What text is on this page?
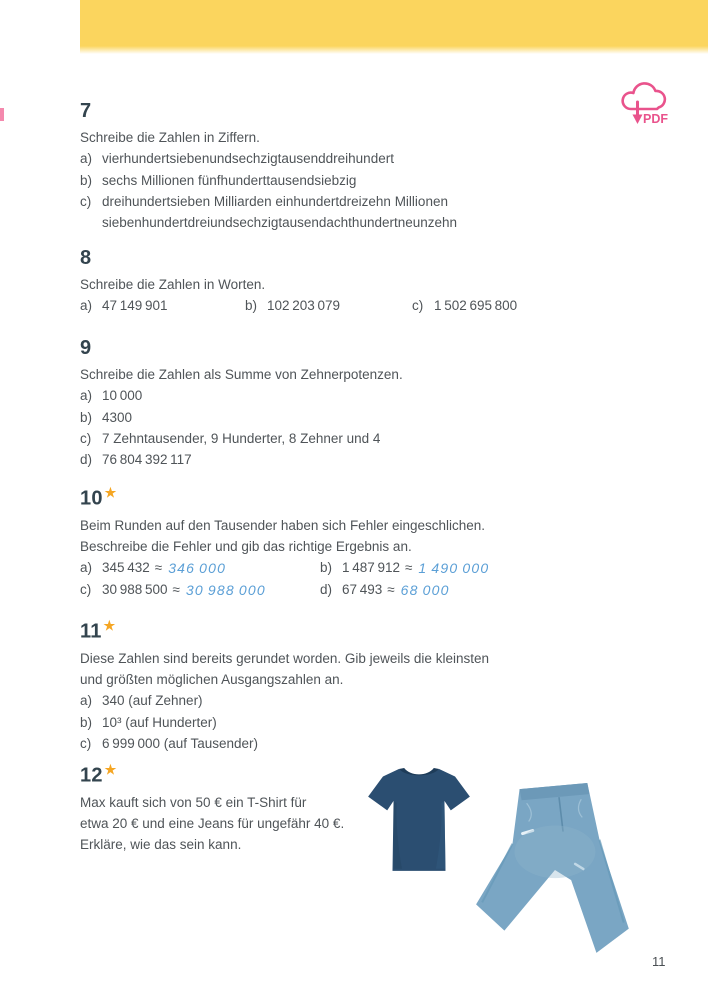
PDF
7
Schreibe die Zahlen in Ziffern.
a) vierhundertsiebenundsechzigtausenddreihundert
b) sechs Millionen fünfhunderttausendsiebzig
c) dreihundertsieben Milliarden einhundertdreizehn Millionen
siebenhundertdreiundsechzigtausendachthundertneunzehn
8
Schreibe die Zahlen in Worten.
a) 47 149 901	b) 102 203 079	c) 1 502 695 800
9
Schreibe die Zahlen als Summe von Zehnerpotenzen.
a) 10 000
b) 4300
c) 7 Zehntausender, 9 Hunderter, 8 Zehner und 4
d) 76 804 392 117
10 ★
Beim Runden auf den Tausender haben sich Fehler eingeschlichen.
Beschreibe die Fehler und gib das richtige Ergebnis an.
a) 345 432 ≈ 346 000	b) 1 487 912 ≈ 1 490 000
c) 30 988 500 ≈ 30 988 000	d) 67 493 ≈ 68 000
11 ★
Diese Zahlen sind bereits gerundet worden. Gib jeweils die kleinsten
und größten möglichen Ausgangszahlen an.
a) 340 (auf Zehner)
b) 10³ (auf Hunderter)
c) 6 999 000 (auf Tausender)
12 ★
Max kauft sich von 50 € ein T-Shirt für
etwa 20 € und eine Jeans für ungefähr 40 €.
Erkläre, wie das sein kann.
11
